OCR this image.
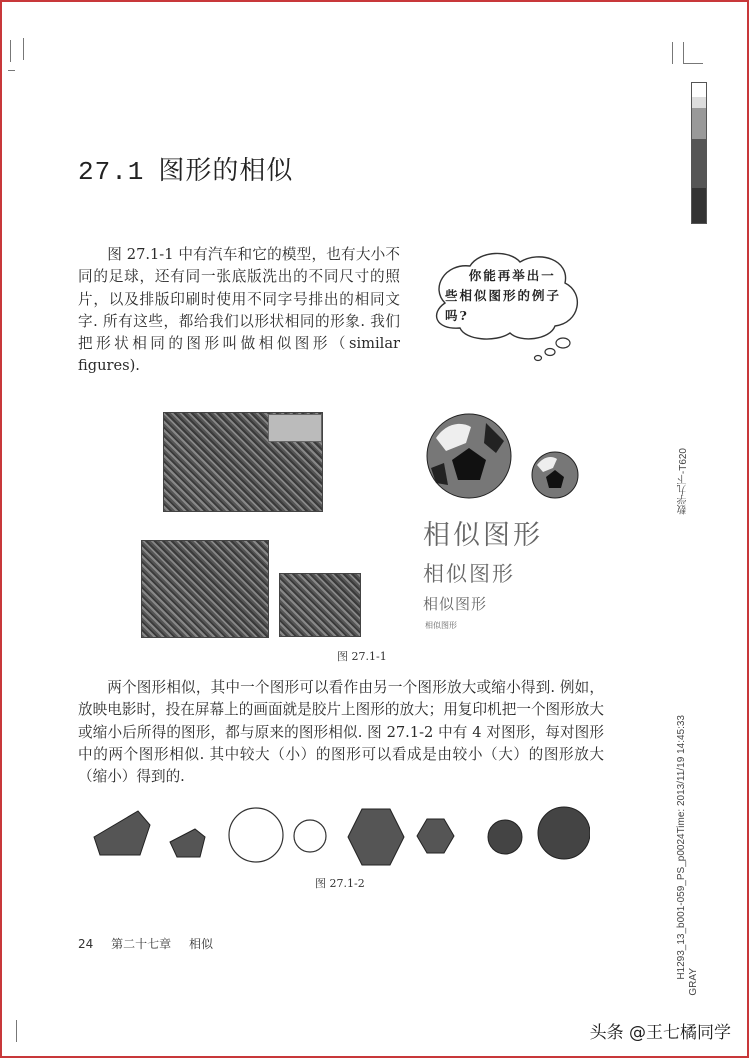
27.1 图形的相似
图 27.1-1 中有汽车和它的模型，也有大小不同的足球，还有同一张底版洗出的不同尺寸的照片，以及排版印刷时使用不同字号排出的相同文字. 所有这些，都给我们以形状相同的形象. 我们把形状相同的图形叫做相似图形（similar figures).
你能再举出一些相似图形的例子吗?
相似图形
相似图形
相似图形
相似图形
图 27.1-1
两个图形相似，其中一个图形可以看作由另一个图形放大或缩小得到. 例如，放映电影时，投在屏幕上的画面就是胶片上图形的放大；用复印机把一个图形放大或缩小后所得的图形，都与原来的图形相似. 图 27.1-2 中有 4 对图形，每对图形中的两个图形相似. 其中较大（小）的图形可以看成是由较小（大）的图形放大（缩小）得到的.
图 27.1-2
24 第二十七章 相似
数学九下-T620
H1293_13_b001-059_PS_p0024Time: 2013/11/19 14:45:33
GRAY
头条 @王七橘同学
